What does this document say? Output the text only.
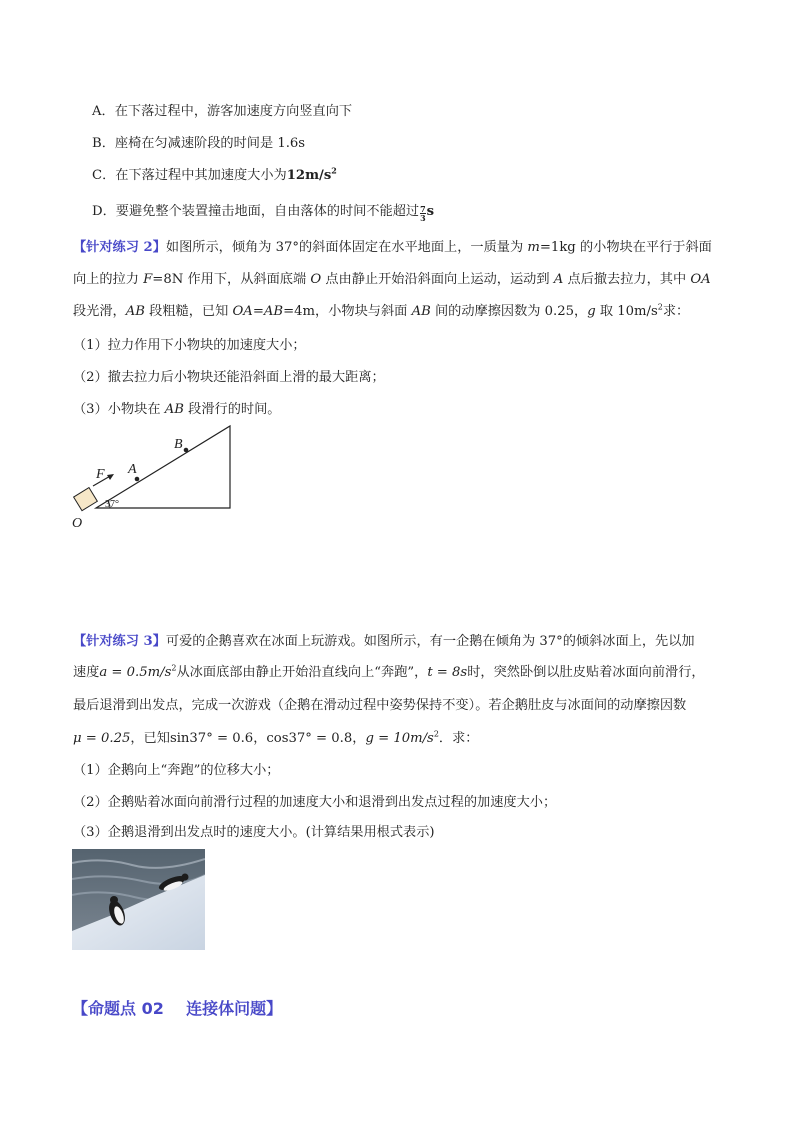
A．在下落过程中，游客加速度方向竖直向下
B．座椅在匀减速阶段的时间是 1.6s
C．在下落过程中其加速度大小为$12m/s^2$
D．要避免整个装置撞击地面，自由落体的时间不能超过 $\frac{7}{3}$ s
【针对练习 2】如图所示，倾角为 37°的斜面体固定在水平地面上，一质量为 m=1kg 的小物块在平行于斜面
向上的拉力 F=8N 作用下，从斜面底端 O 点由静止开始沿斜面向上运动，运动到 A 点后撤去拉力，其中 OA
段光滑，AB 段粗糙，已知 OA=AB=4m，小物块与斜面 AB 间的动摩擦因数为 0.25，g 取 $10m/s^2$求：
（1）拉力作用下小物块的加速度大小；
（2）撤去拉力后小物块还能沿斜面上滑的最大距离；
（3）小物块在 AB 段滑行的时间。
B
A
F
O
37°
【针对练习 3】可爱的企鹅喜欢在冰面上玩游戏。如图所示，有一企鹅在倾角为 37°的倾斜冰面上，先以加
速度$a = 0.5m/s^2$从冰面底部由静止开始沿直线向上“奔跑”，t = 8s时，突然卧倒以肚皮贴着冰面向前滑行，
最后退滑到出发点，完成一次游戏（企鹅在滑动过程中姿势保持不变）。若企鹅肚皮与冰面间的动摩擦因数
μ = 0.25，已知sin37° = 0.6，cos37° = 0.8，$g = 10m/s^2$．求：
（1）企鹅向上“奔跑”的位移大小；
（2）企鹅贴着冰面向前滑行过程的加速度大小和退滑到出发点过程的加速度大小；
（3）企鹅退滑到出发点时的速度大小。(计算结果用根式表示)
【命题点 02    连接体问题】
